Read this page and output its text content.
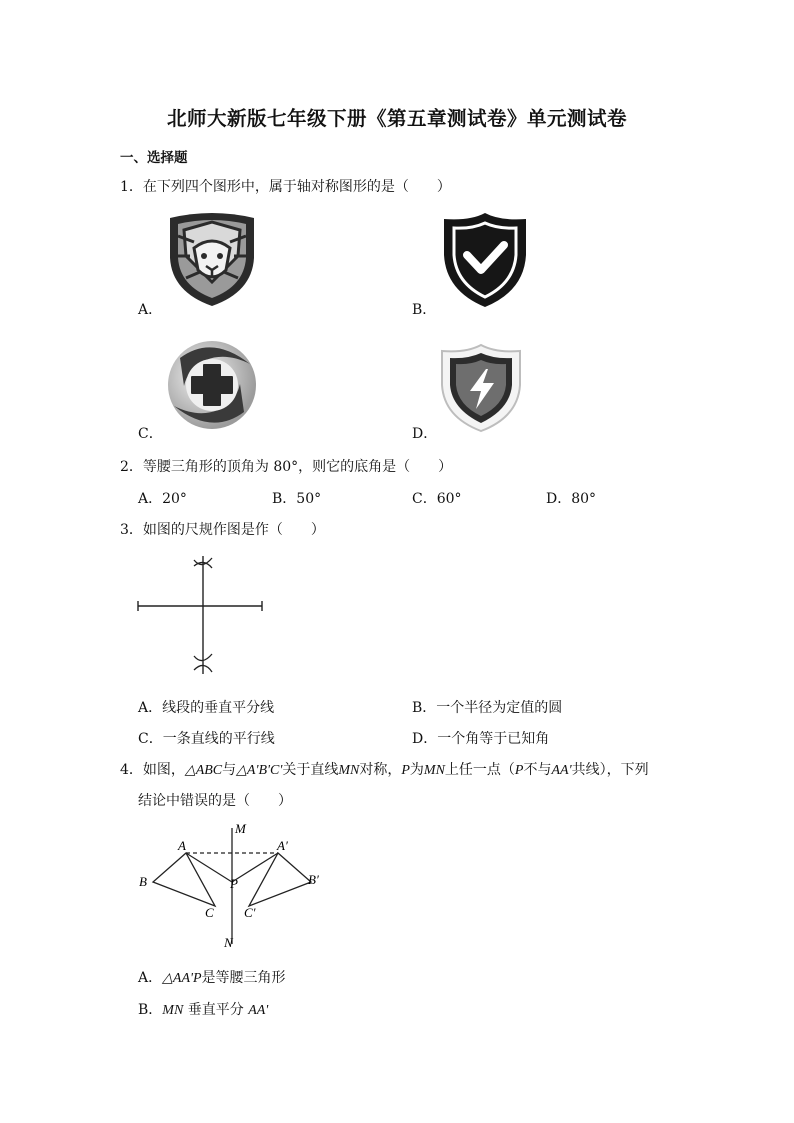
北师大新版七年级下册《第五章测试卷》单元测试卷
一、选择题
1．在下列四个图形中，属于轴对称图形的是（　　）
A．	B．
C．	D．
2．等腰三角形的顶角为 80°，则它的底角是（　　）
A．20°	B．50°	C．60°	D．80°
3．如图的尺规作图是作（　　）
A．线段的垂直平分线	B．一个半径为定值的圆
C．一条直线的平行线	D．一个角等于已知角
4．如图，△ABC与△A'B'C'关于直线MN对称，P为MN上任一点（P不与AA'共线），下列
结论中错误的是（　　）
M
N
A	A′
B	B′
C C′
P
A．△AA'P是等腰三角形
B．MN 垂直平分 AA'
